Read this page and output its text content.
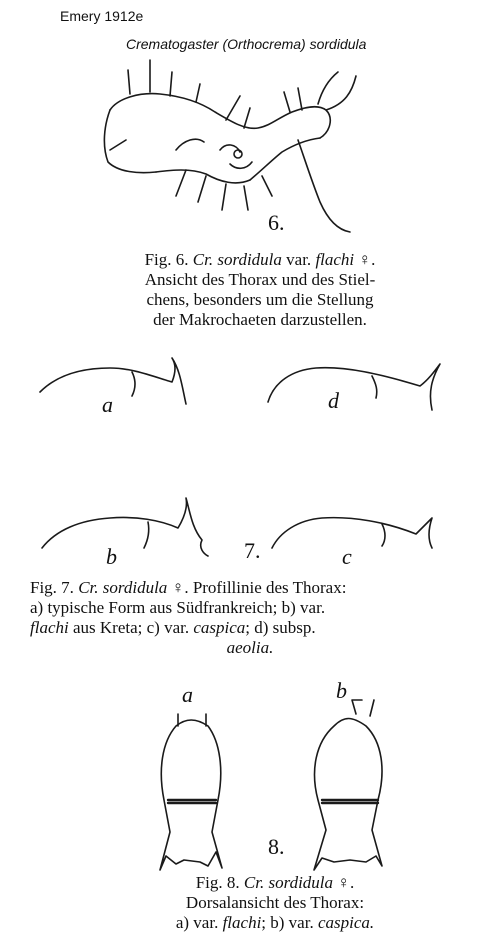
Emery 1912e
Crematogaster (Orthocrema) sordidula
6.
7.
8.
a	d
b	c
a	b
Fig. 6. Cr. sordidula var. flachi ♀.
Ansicht des Thorax und des Stiel-
chens, besonders um die Stellung
der Makrochaeten darzustellen.
Fig. 7. Cr. sordidula ♀. Profillinie des Thorax:
a) typische Form aus Südfrankreich; b) var.
flachi aus Kreta; c) var. caspica; d) subsp.

aeolia.
Fig. 8. Cr. sordidula ♀.
Dorsalansicht des Thorax:
a) var. flachi; b) var. caspica.
